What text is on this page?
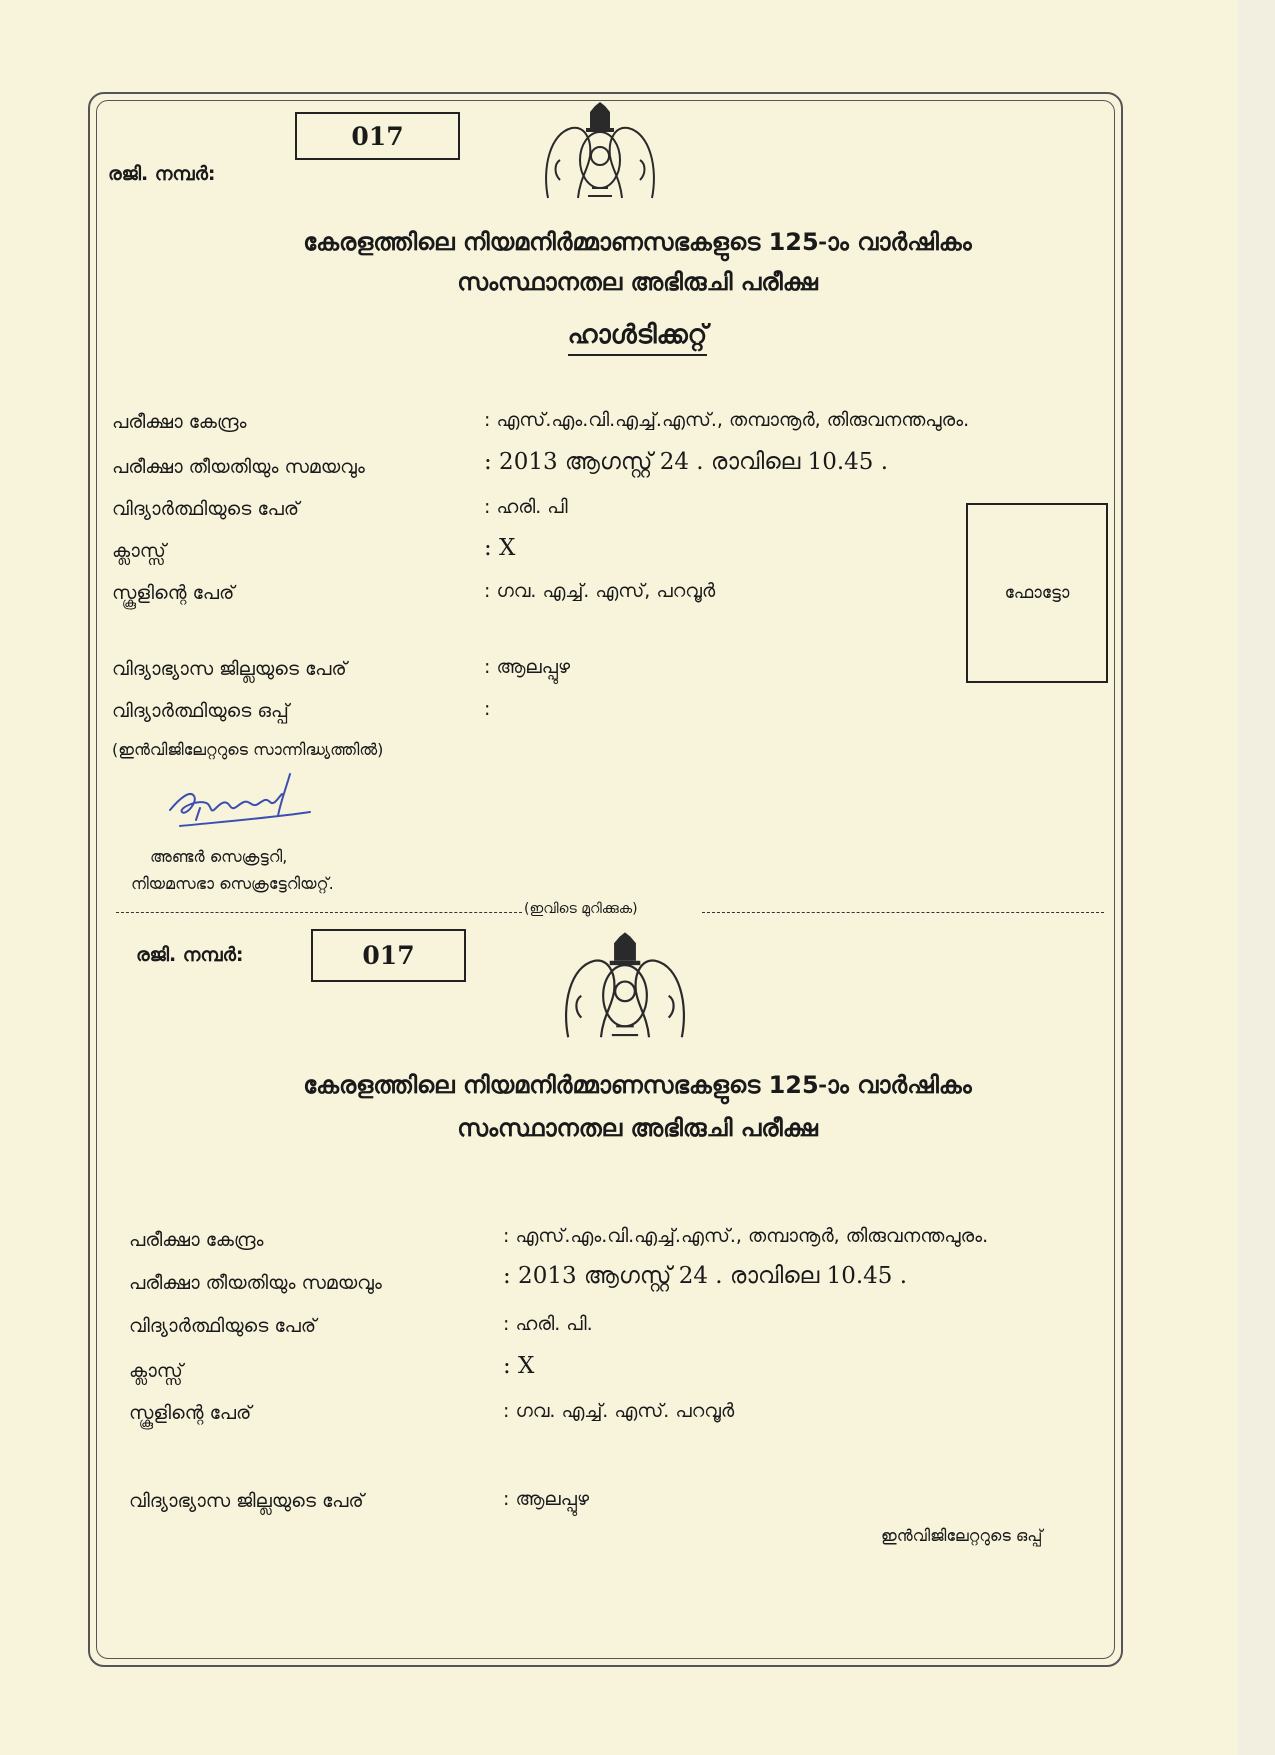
017
രജി. നമ്പർ:
കേരളത്തിലെ നിയമനിർമ്മാണസഭകളുടെ 125-ാം വാർഷികം
സംസ്ഥാനതല അഭിരുചി പരീക്ഷ
ഹാൾടിക്കറ്റ്
പരീക്ഷാ കേന്ദ്രം	: എസ്.എം.വി.എച്ച്.എസ്., തമ്പാനൂർ, തിരുവനന്തപുരം.
പരീക്ഷാ തീയതിയും സമയവും	: 2013 ആഗസ്റ്റ് 24 . രാവിലെ 10.45 .
വിദ്യാർത്ഥിയുടെ പേര്	: ഹരി. പി
ക്ലാസ്സ്	: X
സ്കൂളിന്റെ പേര്	: ഗവ. എച്ച്. എസ്, പറവൂർ
വിദ്യാഭ്യാസ ജില്ലയുടെ പേര്	: ആലപ്പുഴ
വിദ്യാർത്ഥിയുടെ ഒപ്പ്	:
(ഇൻവിജിലേറ്ററുടെ സാന്നിദ്ധ്യത്തിൽ)
ഫോട്ടോ
അണ്ടർ സെക്രട്ടറി,
നിയമസഭാ സെക്രട്ടേറിയറ്റ്.
(ഇവിടെ മുറിക്കുക)
രജി. നമ്പർ:	017
കേരളത്തിലെ നിയമനിർമ്മാണസഭകളുടെ 125-ാം വാർഷികം
സംസ്ഥാനതല അഭിരുചി പരീക്ഷ
പരീക്ഷാ കേന്ദ്രം	: എസ്.എം.വി.എച്ച്.എസ്., തമ്പാനൂർ, തിരുവനന്തപുരം.
പരീക്ഷാ തീയതിയും സമയവും	: 2013 ആഗസ്റ്റ് 24 . രാവിലെ 10.45 .
വിദ്യാർത്ഥിയുടെ പേര്	: ഹരി. പി.
ക്ലാസ്സ്	: X
സ്കൂളിന്റെ പേര്	: ഗവ. എച്ച്. എസ്. പറവൂർ
വിദ്യാഭ്യാസ ജില്ലയുടെ പേര്	: ആലപ്പുഴ
ഇൻവിജിലേറ്ററുടെ ഒപ്പ്
